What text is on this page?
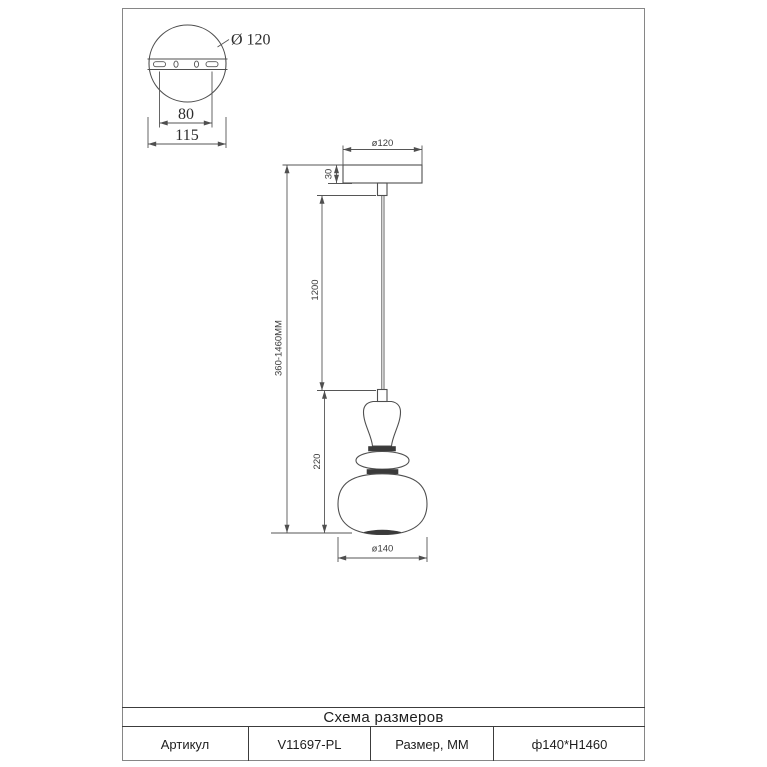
Ø 120
80
115	ø120
30
360-1460MM
1200
220
ø140
Схема размеров
Артикул	V11697-PL	Размер, ММ	ф140*H1460
